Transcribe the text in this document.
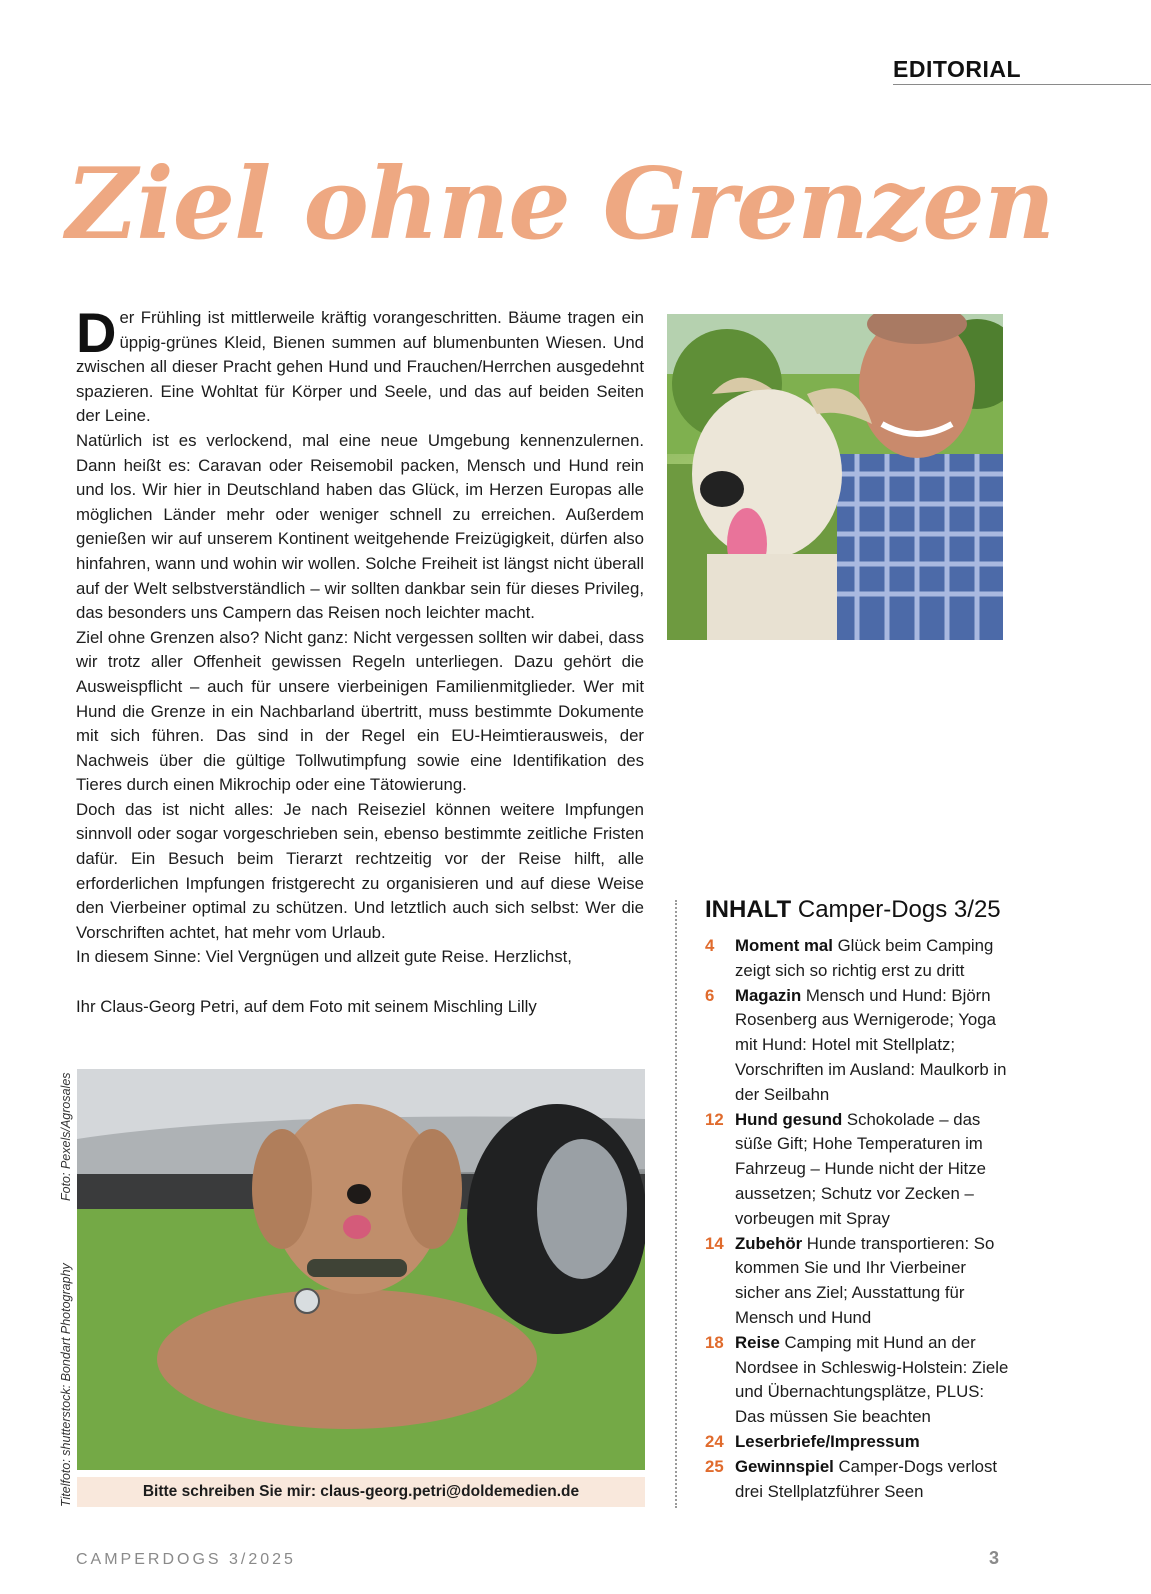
EDITORIAL
Ziel ohne Grenzen

Der Frühling ist mittlerweile kräftig vorangeschritten. Bäume tragen ein üppig-grünes Kleid, Bienen summen auf blumenbunten Wiesen. Und zwischen all dieser Pracht gehen Hund und Frauchen/Herrchen ausgedehnt spazieren. Eine Wohltat für Körper und Seele, und das auf beiden Seiten der Leine.

Natürlich ist es verlockend, mal eine neue Umgebung kennenzulernen. Dann heißt es: Caravan oder Reisemobil packen, Mensch und Hund rein und los. Wir hier in Deutschland haben das Glück, im Herzen Europas alle möglichen Länder mehr oder weniger schnell zu erreichen. Außerdem genießen wir auf unserem Kontinent weitgehende Freizügigkeit, dürfen also hinfahren, wann und wohin wir wollen. Solche Freiheit ist längst nicht überall auf der Welt selbstverständlich – wir sollten dankbar sein für dieses Privileg, das besonders uns Campern das Reisen noch leichter macht.

Ziel ohne Grenzen also? Nicht ganz: Nicht vergessen sollten wir dabei, dass wir trotz aller Offenheit gewissen Regeln unterliegen. Dazu gehört die Ausweispflicht – auch für unsere vierbeinigen Familienmitglieder. Wer mit Hund die Grenze in ein Nachbarland übertritt, muss bestimmte Dokumente mit sich führen. Das sind in der Regel ein EU-Heimtierausweis, der Nachweis über die gültige Tollwutimpfung sowie eine Identifikation des Tieres durch einen Mikrochip oder eine Tätowierung.

Doch das ist nicht alles: Je nach Reiseziel können weitere Impfungen sinnvoll oder sogar vorgeschrieben sein, ebenso bestimmte zeitliche Fristen dafür. Ein Besuch beim Tierarzt rechtzeitig vor der Reise hilft, alle erforderlichen Impfungen fristgerecht zu organisieren und auf diese Weise den Vierbeiner optimal zu schützen. Und letztlich auch sich selbst: Wer die Vorschriften achtet, hat mehr vom Urlaub.

In diesem Sinne: Viel Vergnügen und allzeit gute Reise. Herzlichst,

Ihr Claus-Georg Petri, auf dem Foto mit seinem Mischling Lilly

Bitte schreiben Sie mir: claus-georg.petri@doldemedien.de
Foto: Pexels/Agrosales
Titelfoto: shutterstock: Bondart Photography
INHALT Camper-Dogs 3/25
4	Moment mal Glück beim Camping zeigt sich so richtig erst zu dritt
6	Magazin Mensch und Hund: Björn Rosenberg aus Wernigerode; Yoga mit Hund: Hotel mit Stellplatz; Vorschriften im Ausland: Maulkorb in der Seilbahn
12 Hund gesund Schokolade – das süße Gift; Hohe Temperaturen im Fahrzeug – Hunde nicht der Hitze aussetzen; Schutz vor Zecken – vorbeugen mit Spray
14 Zubehör Hunde transportieren: So kommen Sie und Ihr Vierbeiner sicher ans Ziel; Ausstattung für Mensch und Hund
18 Reise Camping mit Hund an der Nordsee in Schleswig-Holstein: Ziele und Übernachtungsplätze, PLUS: Das müssen Sie beachten
24 Leserbriefe/Impressum
25 Gewinnspiel Camper-Dogs verlost drei Stellplatzführer Seen
CAMPERDOGS 3/2025	3
